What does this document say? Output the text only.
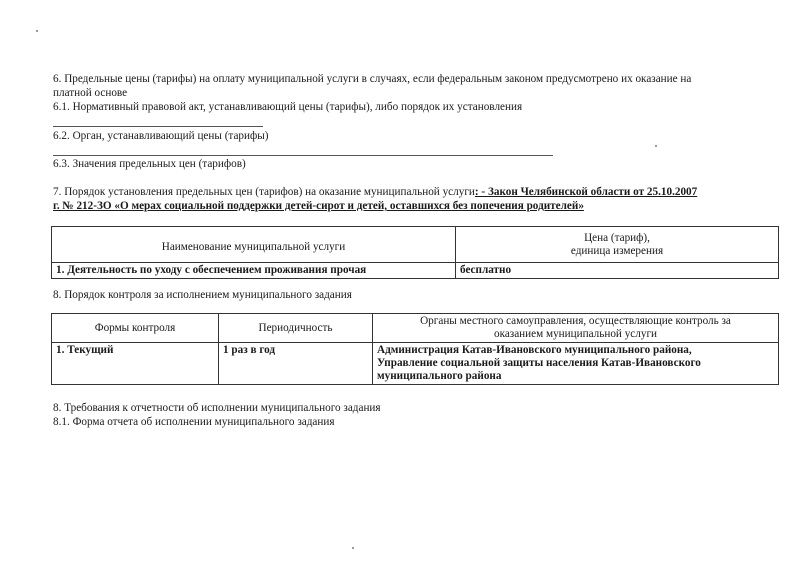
6. Предельные цены (тарифы) на оплату муниципальной услуги в случаях, если федеральным законом предусмотрено их оказание на
платной основе
6.1. Нормативный правовой акт, устанавливающий цены (тарифы), либо порядок их установления
6.2. Орган, устанавливающий цены (тарифы)
6.3. Значения предельных цен (тарифов)
7. Порядок установления предельных цен (тарифов) на оказание муниципальной услуги: - Закон Челябинской области от 25.10.2007
г. № 212-ЗО «О мерах социальной поддержки детей-сирот и детей, оставшихся без попечения родителей»
Наименование муниципальной услуги	Цена (тариф),
единица измерения

1. Деятельность по уходу с обеспечением проживания прочая	бесплатно
8. Порядок контроля за исполнением муниципального задания
Формы контроля	Периодичность	Органы местного самоуправления, осуществляющие контроль за
оказанием муниципальной услуги

1. Текущий	1 раз в год	Администрация Катав-Ивановского муниципального района,
Управление социальной защиты населения Катав-Ивановского
муниципального района
8. Требования к отчетности об исполнении муниципального задания
8.1. Форма отчета об исполнении муниципального задания
